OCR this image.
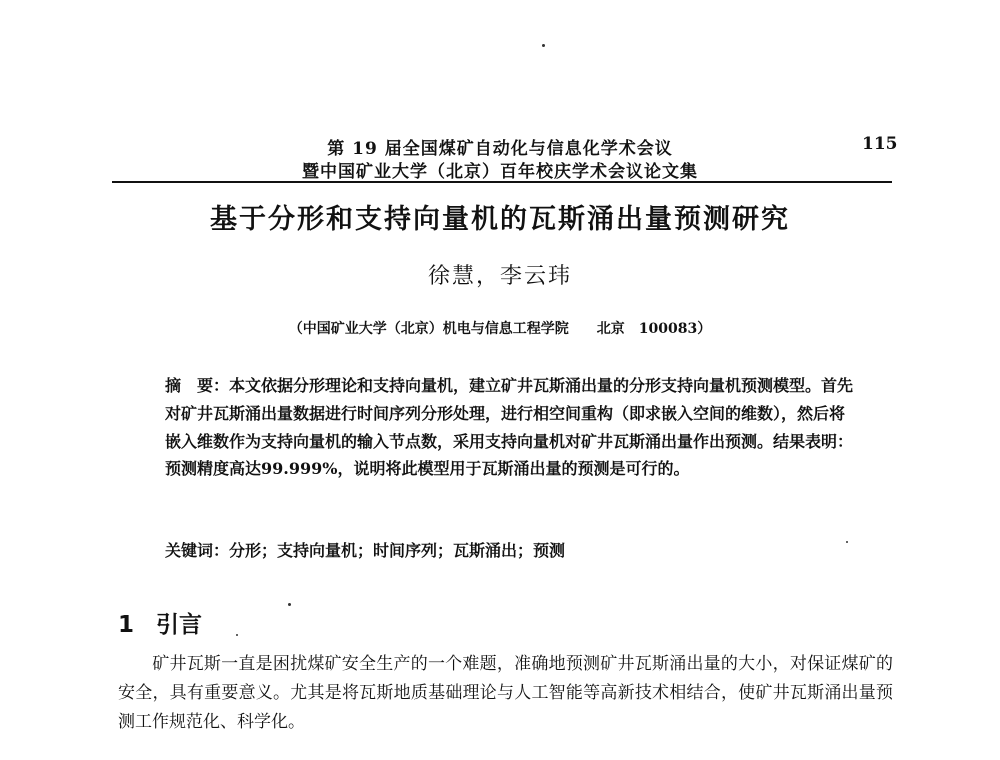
第 19 届全国煤矿自动化与信息化学术会议
暨中国矿业大学（北京）百年校庆学术会议论文集
115
基于分形和支持向量机的瓦斯涌出量预测研究
徐慧，李云玮
（中国矿业大学（北京）机电与信息工程学院　　北京　100083）
摘　要：本文依据分形理论和支持向量机，建立矿井瓦斯涌出量的分形支持向量机预测模型。首先对矿井瓦斯涌出量数据进行时间序列分形处理，进行相空间重构（即求嵌入空间的维数），然后将嵌入维数作为支持向量机的输入节点数，采用支持向量机对矿井瓦斯涌出量作出预测。结果表明：预测精度高达99.999%，说明将此模型用于瓦斯涌出量的预测是可行的。
关键词：分形；支持向量机；时间序列；瓦斯涌出；预测
1 引言
矿井瓦斯一直是困扰煤矿安全生产的一个难题，准确地预测矿井瓦斯涌出量的大小，对保证煤矿的安全，具有重要意义。尤其是将瓦斯地质基础理论与人工智能等高新技术相结合，使矿井瓦斯涌出量预测工作规范化、科学化。
